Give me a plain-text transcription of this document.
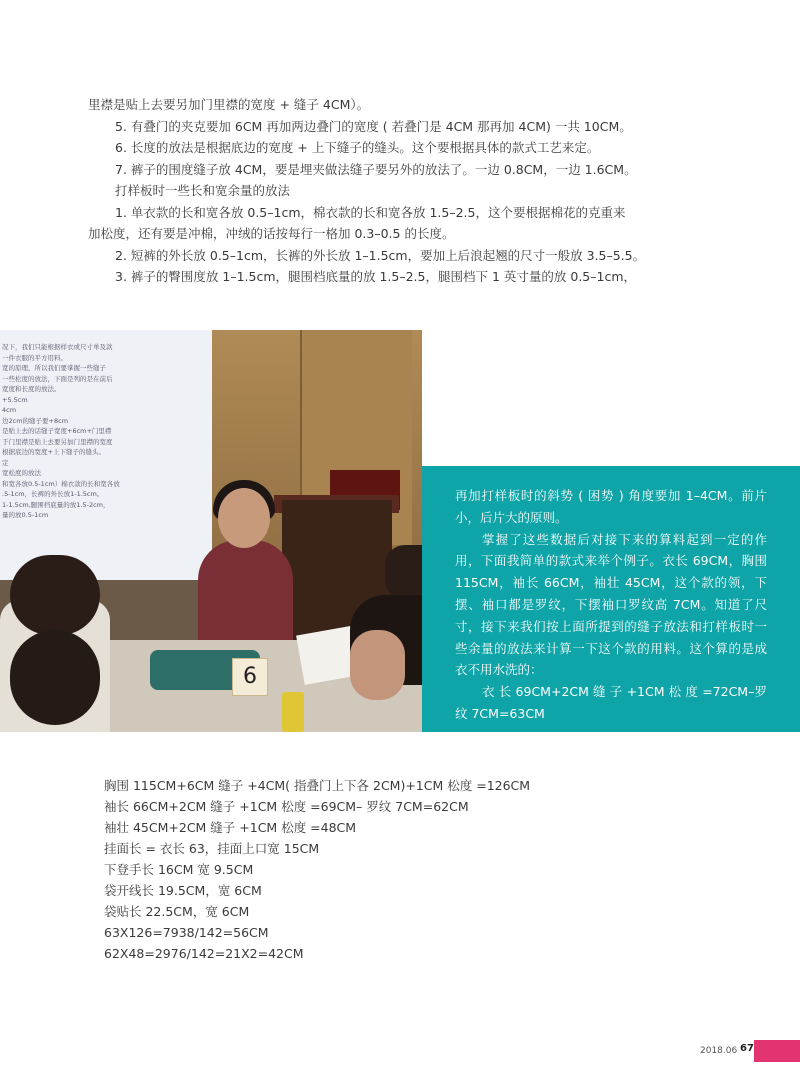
里襟是贴上去要另加门里襟的宽度 + 缝子 4CM）。

5. 有叠门的夹克要加 6CM 再加两边叠门的宽度 ( 若叠门是 4CM 那再加 4CM) 一共 10CM。

6. 长度的放法是根据底边的宽度 + 上下缝子的缝头。这个要根据具体的款式工艺来定。

7. 裤子的围度缝子放 4CM，要是埋夹做法缝子要另外的放法了。一边 0.8CM，一边 1.6CM。

打样板时一些长和宽余量的放法

1. 单衣款的长和宽各放 0.5–1cm，棉衣款的长和宽各放 1.5–2.5，这个要根据棉花的克重来

加松度，还有要是冲棉，冲绒的话按每行一格加 0.3–0.5 的长度。

2. 短裤的外长放 0.5–1cm，长裤的外长放 1–1.5cm，要加上后浪起翘的尺寸一般放 3.5–5.5。

3. 裤子的臀围度放 1–1.5cm，腿围档底量的放 1.5–2.5，腿围档下 1 英寸量的放 0.5–1cm，

况下，我们只能根据样衣或尺寸单及款
一件衣服的平方用料。
宽的原理，所以我们要掌握一些缝子
一些松度的放法，下面是列的是在前后
宽度和长度的放法。
+5.5cm
4cm
边2cm的缝子要+8cm
是贴上去的话缝子宽度+6cm+门里襟
于门里襟是贴上去要另加门里襟的宽度
根据底边的宽度+上下缝子的缝头。
定
宽松度的放法
和宽各放0.5-1cm）棉衣款的长和宽各放
.5-1cm，长裤的外长放1-1.5cm。
1-1.5cm,腿围档底量的放1.5-2cm，
量的放0.5-1cm
6

再加打样板时的斜势 ( 困势 ) 角度要加 1–4CM。前片小，后片大的原则。

掌握了这些数据后对接下来的算料起到一定的作用，下面我简单的款式来举个例子。衣长 69CM，胸围 115CM，袖长 66CM，袖壮 45CM，这个款的领，下摆、袖口都是罗纹，下摆袖口罗纹高 7CM。知道了尺寸，接下来我们按上面所提到的缝子放法和打样板时一些余量的放法来计算一下这个款的用料。这个算的是成衣不用水洗的：

衣 长 69CM+2CM 缝 子 +1CM 松 度 =72CM–罗纹 7CM=63CM

胸围 115CM+6CM 缝子 +4CM( 指叠门上下各 2CM)+1CM 松度 =126CM
袖长 66CM+2CM 缝子 +1CM 松度 =69CM– 罗纹 7CM=62CM
袖壮 45CM+2CM 缝子 +1CM 松度 =48CM
挂面长 = 衣长 63，挂面上口宽 15CM
下登手长 16CM 宽 9.5CM
袋开线长 19.5CM，宽 6CM
袋贴长 22.5CM，宽 6CM
63X126=7938/142=56CM
62X48=2976/142=21X2=42CM
2018.06 67
